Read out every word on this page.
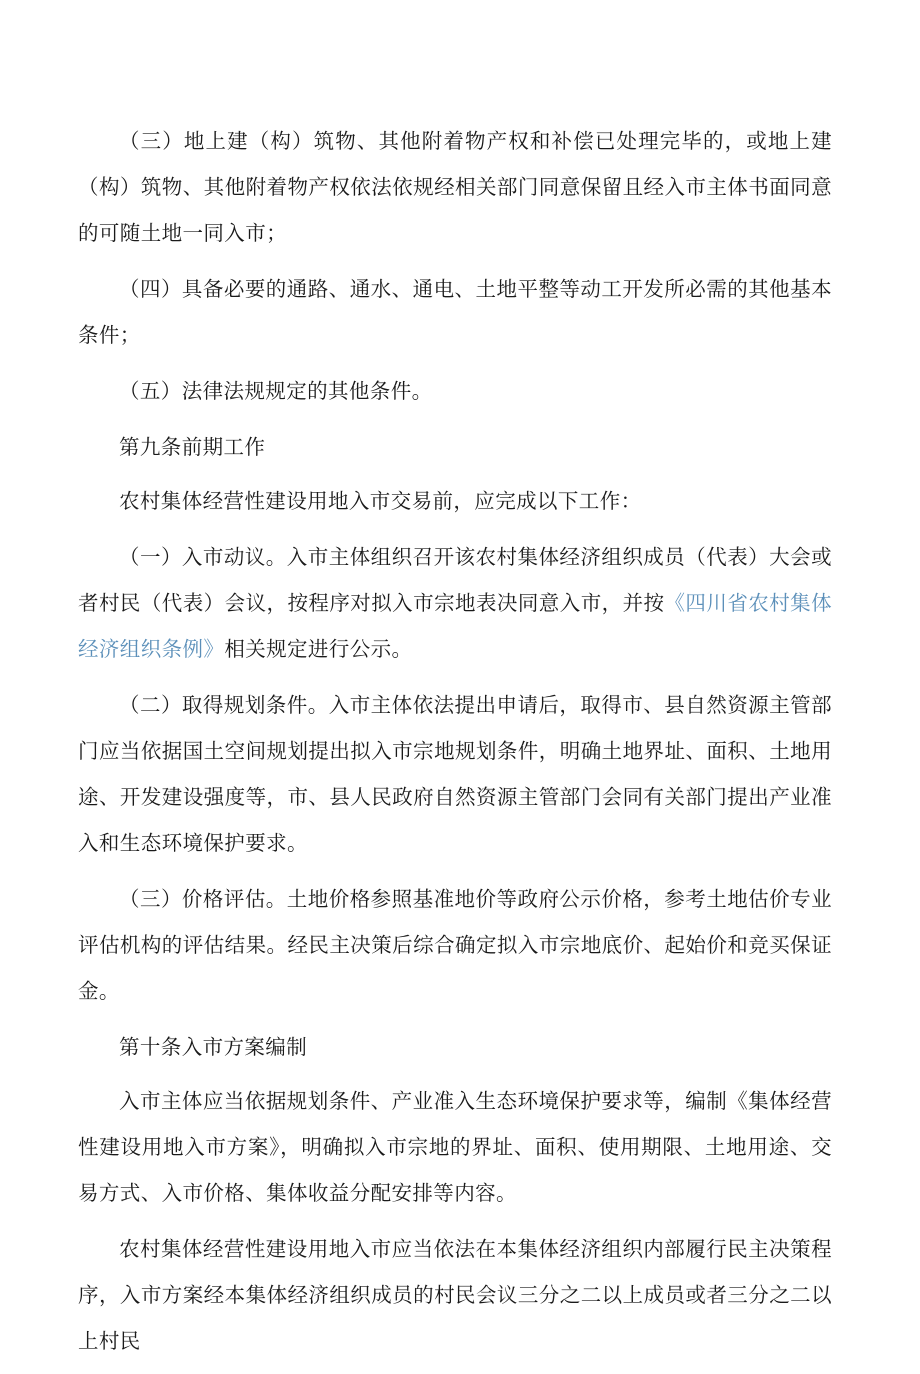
（三）地上建（构）筑物、其他附着物产权和补偿已处理完毕的，或地上建（构）筑物、其他附着物产权依法依规经相关部门同意保留且经入市主体书面同意的可随土地一同入市；

（四）具备必要的通路、通水、通电、土地平整等动工开发所必需的其他基本条件；

（五）法律法规规定的其他条件。

第九条前期工作

农村集体经营性建设用地入市交易前，应完成以下工作：

（一）入市动议。入市主体组织召开该农村集体经济组织成员（代表）大会或者村民（代表）会议，按程序对拟入市宗地表决同意入市，并按《四川省农村集体经济组织条例》相关规定进行公示。

（二）取得规划条件。入市主体依法提出申请后，取得市、县自然资源主管部门应当依据国土空间规划提出拟入市宗地规划条件，明确土地界址、面积、土地用途、开发建设强度等，市、县人民政府自然资源主管部门会同有关部门提出产业准入和生态环境保护要求。

（三）价格评估。土地价格参照基准地价等政府公示价格，参考土地估价专业评估机构的评估结果。经民主决策后综合确定拟入市宗地底价、起始价和竞买保证金。

第十条入市方案编制

入市主体应当依据规划条件、产业准入生态环境保护要求等，编制《集体经营性建设用地入市方案》，明确拟入市宗地的界址、面积、使用期限、土地用途、交易方式、入市价格、集体收益分配安排等内容。

农村集体经营性建设用地入市应当依法在本集体经济组织内部履行民主决策程序，入市方案经本集体经济组织成员的村民会议三分之二以上成员或者三分之二以上村民
